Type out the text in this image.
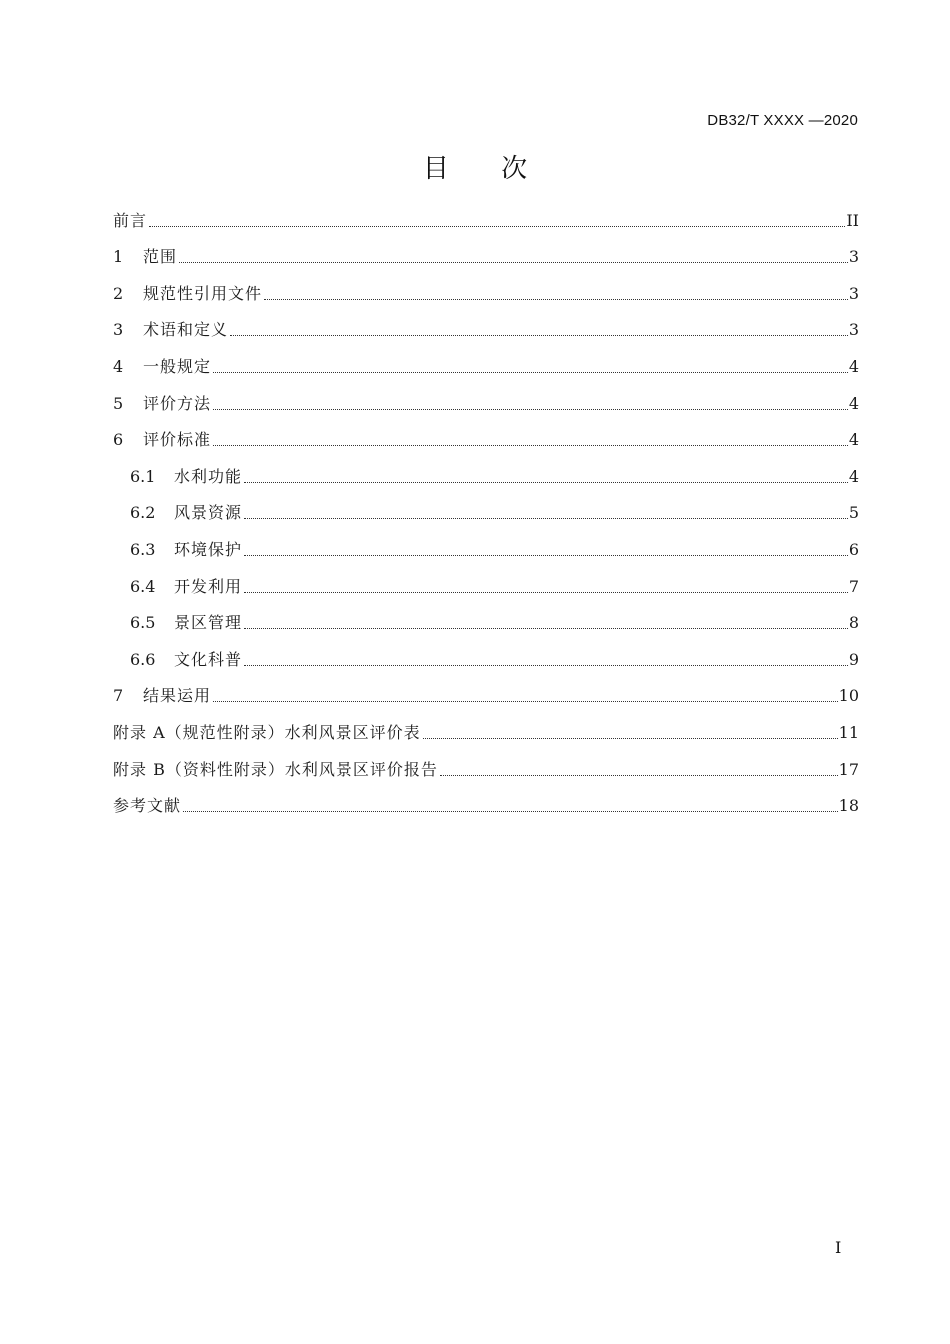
DB32/T XXXX —2020
目 次
前言	II
1	范围	3
2	规范性引用文件	3
3	术语和定义	3
4	一般规定	4
5	评价方法	4
6	评价标准	4
6.1	水利功能	4
6.2	风景资源	5
6.3	环境保护	6
6.4	开发利用	7
6.5	景区管理	8
6.6	文化科普	9
7	结果运用	10
附录 A（规范性附录）水利风景区评价表	11
附录 B（资料性附录）水利风景区评价报告	17
参考文献	18
I
